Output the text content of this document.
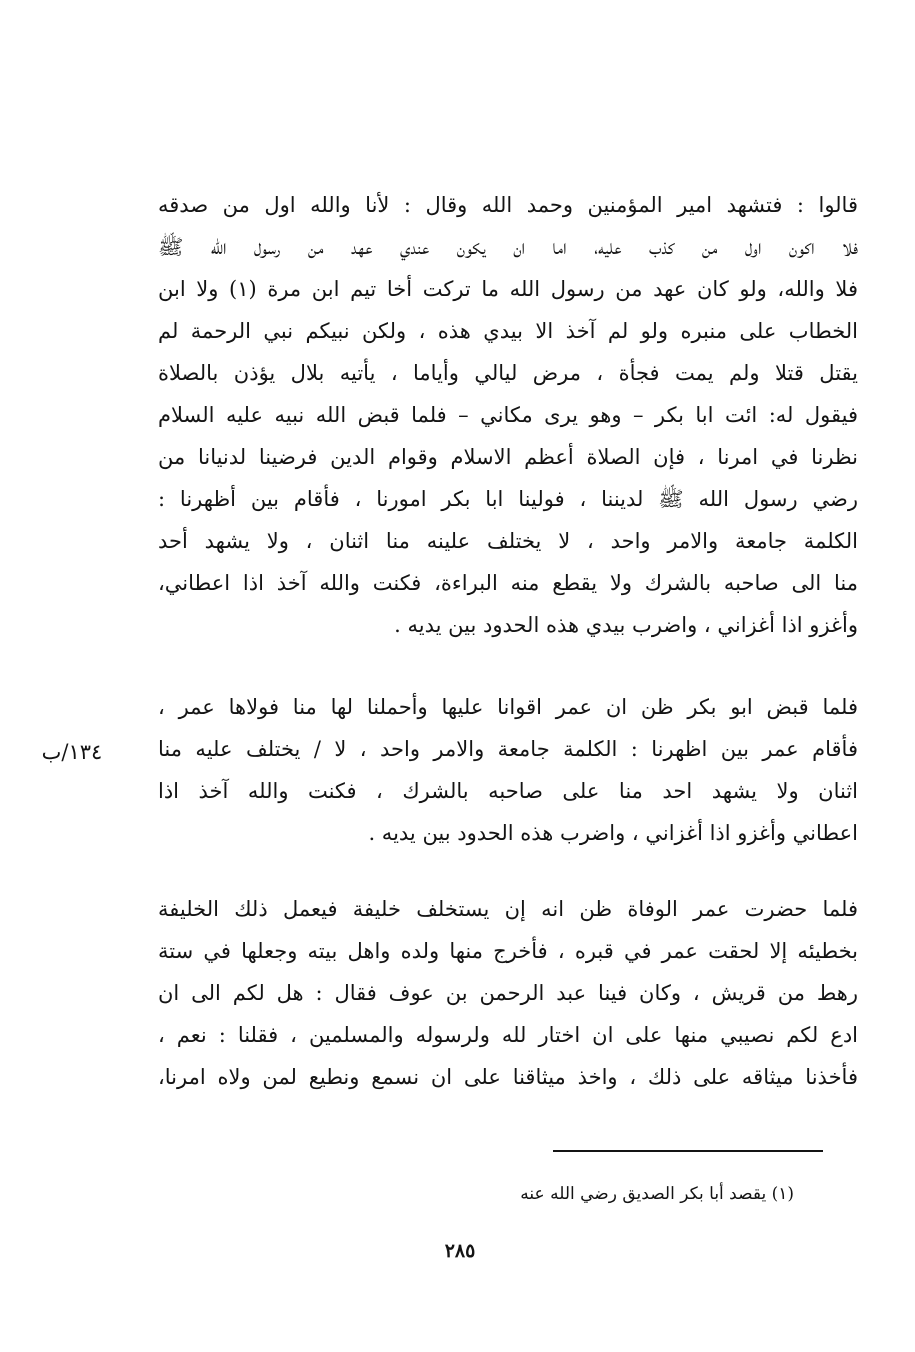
قالوا : فتشهد امير المؤمنين وحمد الله وقال : لأنا والله اول من صدقه
فلا اكون اول من كذب عليه، اما ان يكون عندي عهد من رسول الله ﷺ
فلا والله، ولو كان عهد من رسول الله ما تركت أخا تيم ابن مرة (١) ولا ابن
الخطاب على منبره ولو لم آخذ الا بيدي هذه ، ولكن نبيكم نبي الرحمة لم
يقتل قتلا ولم يمت فجأة ، مرض ليالي وأياما ، يأتيه بلال يؤذن بالصلاة
فيقول له: ائت ابا بكر – وهو يرى مكاني – فلما قبض الله نبيه عليه السلام
نظرنا في امرنا ، فإن الصلاة أعظم الاسلام وقوام الدين فرضينا لدنيانا من
رضي رسول الله ﷺ لديننا ، فولينا ابا بكر امورنا ، فأقام بين أظهرنا :
الكلمة جامعة والامر واحد ، لا يختلف علينه منا اثنان ، ولا يشهد أحد
منا الى صاحبه بالشرك ولا يقطع منه البراءة، فكنت والله آخذ اذا اعطاني،
وأغزو اذا أغزاني ، واضرب بيدي هذه الحدود بين يديه .
فلما قبض ابو بكر ظن ان عمر اقوانا عليها وأحملنا لها منا فولاها عمر ،
فأقام عمر بين اظهرنا : الكلمة جامعة والامر واحد ، لا / يختلف عليه منا
اثنان ولا يشهد احد منا على صاحبه بالشرك ، فكنت والله آخذ اذا
اعطاني وأغزو اذا أغزاني ، واضرب هذه الحدود بين يديه .
١٣٤/ب
فلما حضرت عمر الوفاة ظن انه إن يستخلف خليفة فيعمل ذلك الخليفة
بخطيئه إلا لحقت عمر في قبره ، فأخرج منها ولده واهل بيته وجعلها في ستة
رهط من قريش ، وكان فينا عبد الرحمن بن عوف فقال : هل لكم الى ان
ادع لكم نصيبي منها على ان اختار لله ولرسوله والمسلمين ، فقلنا : نعم ،
فأخذنا ميثاقه على ذلك ، واخذ ميثاقنا على ان نسمع ونطيع لمن ولاه امرنا،
(١) يقصد أبا بكر الصديق رضي الله عنه
٢٨٥
